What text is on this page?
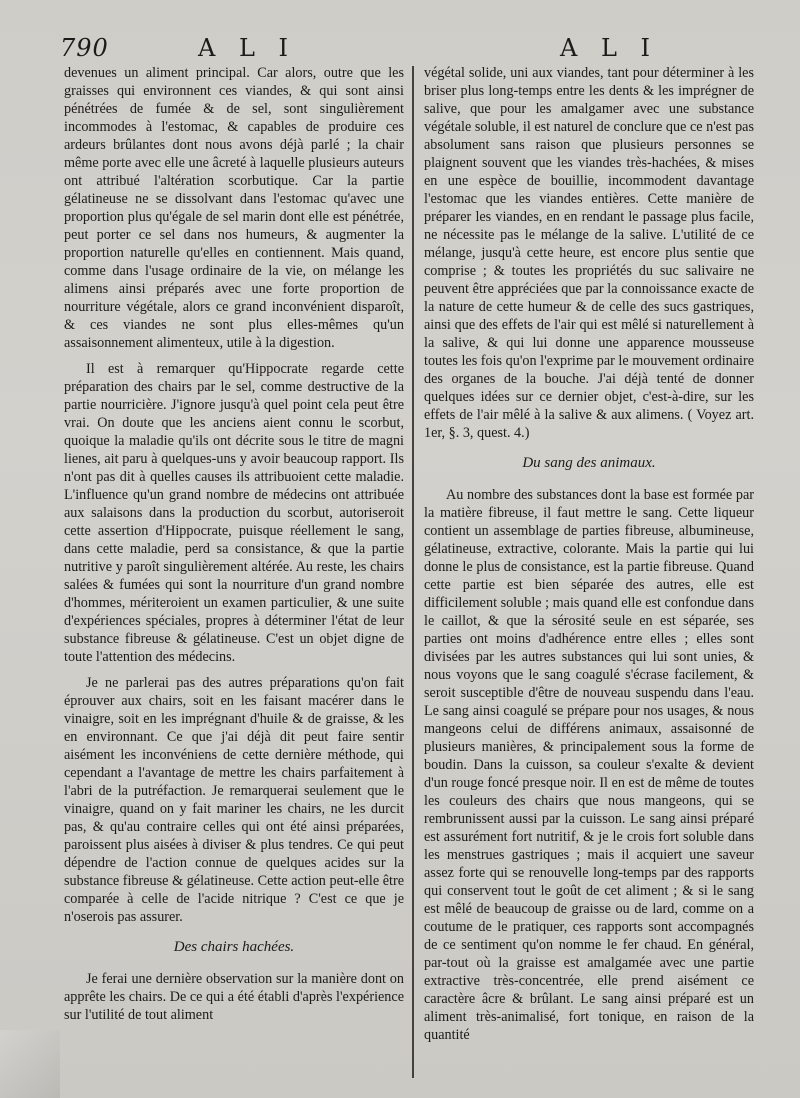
790	A L I	A L I

devenues un aliment principal. Car alors, outre que les graisses qui environnent ces viandes, & qui sont ainsi pénétrées de fumée & de sel, sont singulièrement incommodes à l'estomac, & capables de produire ces ardeurs brûlantes dont nous avons déjà parlé ; la chair même porte avec elle une âcreté à laquelle plusieurs auteurs ont attribué l'altération scorbutique. Car la partie gélatineuse ne se dissolvant dans l'estomac qu'avec une proportion plus qu'égale de sel marin dont elle est pénétrée, peut porter ce sel dans nos humeurs, & augmenter la proportion naturelle qu'elles en contiennent. Mais quand, comme dans l'usage ordinaire de la vie, on mélange les alimens ainsi préparés avec une forte proportion de nourriture végétale, alors ce grand inconvénient disparoît, & ces viandes ne sont plus elles-mêmes qu'un assaisonnement alimenteux, utile à la digestion.

Il est à remarquer qu'Hippocrate regarde cette préparation des chairs par le sel, comme destructive de la partie nourricière. J'ignore jusqu'à quel point cela peut être vrai. On doute que les anciens aient connu le scorbut, quoique la maladie qu'ils ont décrite sous le titre de magni lienes, ait paru à quelques-uns y avoir beaucoup rapport. Ils n'ont pas dit à quelles causes ils attribuoient cette maladie. L'influence qu'un grand nombre de médecins ont attribuée aux salaisons dans la production du scorbut, autoriseroit cette assertion d'Hippocrate, puisque réellement le sang, dans cette maladie, perd sa consistance, & que la partie nutritive y paroît singulièrement altérée. Au reste, les chairs salées & fumées qui sont la nourriture d'un grand nombre d'hommes, mériteroient un examen particulier, & une suite d'expériences spéciales, propres à déterminer l'état de leur substance fibreuse & gélatineuse. C'est un objet digne de toute l'attention des médecins.

Je ne parlerai pas des autres préparations qu'on fait éprouver aux chairs, soit en les faisant macérer dans le vinaigre, soit en les imprégnant d'huile & de graisse, & les en environnant. Ce que j'ai déjà dit peut faire sentir aisément les inconvéniens de cette dernière méthode, qui cependant a l'avantage de mettre les chairs parfaitement à l'abri de la putréfaction. Je remarquerai seulement que le vinaigre, quand on y fait mariner les chairs, ne les durcit pas, & qu'au contraire celles qui ont été ainsi préparées, paroissent plus aisées à diviser & plus tendres. Ce qui peut dépendre de l'action connue de quelques acides sur la substance fibreuse & gélatineuse. Cette action peut-elle être comparée à celle de l'acide nitrique ? C'est ce que je n'oserois pas assurer.

Des chairs hachées.

Je ferai une dernière observation sur la manière dont on apprête les chairs. De ce qui a été établi d'après l'expérience sur l'utilité de tout aliment

végétal solide, uni aux viandes, tant pour déterminer à les briser plus long-temps entre les dents & les imprégner de salive, que pour les amalgamer avec une substance végétale soluble, il est naturel de conclure que ce n'est pas absolument sans raison que plusieurs personnes se plaignent souvent que les viandes très-hachées, & mises en une espèce de bouillie, incommodent davantage l'estomac que les viandes entières. Cette manière de préparer les viandes, en en rendant le passage plus facile, ne nécessite pas le mélange de la salive. L'utilité de ce mélange, jusqu'à cette heure, est encore plus sentie que comprise ; & toutes les propriétés du suc salivaire ne peuvent être appréciées que par la connoissance exacte de la nature de cette humeur & de celle des sucs gastriques, ainsi que des effets de l'air qui est mêlé si naturellement à la salive, & qui lui donne une apparence mousseuse toutes les fois qu'on l'exprime par le mouvement ordinaire des organes de la bouche. J'ai déjà tenté de donner quelques idées sur ce dernier objet, c'est-à-dire, sur les effets de l'air mêlé à la salive & aux alimens. ( Voyez art. 1er, §. 3, quest. 4.)

Du sang des animaux.

Au nombre des substances dont la base est formée par la matière fibreuse, il faut mettre le sang. Cette liqueur contient un assemblage de parties fibreuse, albumineuse, gélatineuse, extractive, colorante. Mais la partie qui lui donne le plus de consistance, est la partie fibreuse. Quand cette partie est bien séparée des autres, elle est difficilement soluble ; mais quand elle est confondue dans le caillot, & que la sérosité seule en est séparée, ses parties ont moins d'adhérence entre elles ; elles sont divisées par les autres substances qui lui sont unies, & nous voyons que le sang coagulé s'écrase facilement, & seroit susceptible d'être de nouveau suspendu dans l'eau. Le sang ainsi coagulé se prépare pour nos usages, & nous mangeons celui de différens animaux, assaisonné de plusieurs manières, & principalement sous la forme de boudin. Dans la cuisson, sa couleur s'exalte & devient d'un rouge foncé presque noir. Il en est de même de toutes les couleurs des chairs que nous mangeons, qui se rembrunissent aussi par la cuisson. Le sang ainsi préparé est assurément fort nutritif, & je le crois fort soluble dans les menstrues gastriques ; mais il acquiert une saveur assez forte qui se renouvelle long-temps par des rapports qui conservent tout le goût de cet aliment ; & si le sang est mêlé de beaucoup de graisse ou de lard, comme on a coutume de le pratiquer, ces rapports sont accompagnés de ce sentiment qu'on nomme le fer chaud. En général, par-tout où la graisse est amalgamée avec une partie extractive très-concentrée, elle prend aisément ce caractère âcre & brûlant. Le sang ainsi préparé est un aliment très-animalisé, fort tonique, en raison de la quantité
